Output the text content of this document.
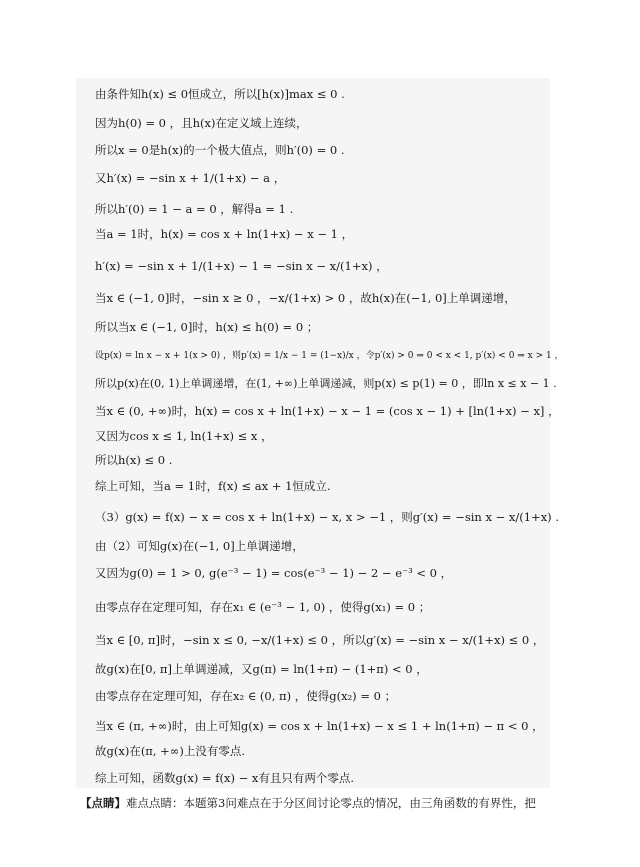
由条件知h(x) ≤ 0恒成立，所以[h(x)]max ≤ 0 .
因为h(0) = 0 ，且h(x)在定义域上连续，
所以x = 0是h(x)的一个极大值点，则h′(0) = 0 .
又h′(x) = −sin x + 1/(1+x) − a ，
所以h′(0) = 1 − a = 0 ，解得a = 1 .
当a = 1时，h(x) = cos x + ln(1+x) − x − 1 ，
h′(x) = −sin x + 1/(1+x) − 1 = −sin x − x/(1+x) ，
当x ∈ (−1, 0]时，−sin x ≥ 0 ，−x/(1+x) > 0 ，故h(x)在(−1, 0]上单调递增，
所以当x ∈ (−1, 0]时，h(x) ≤ h(0) = 0 ；
设p(x) = ln x − x + 1(x > 0) ，则p′(x) = 1/x − 1 = (1−x)/x ，令p′(x) > 0 ⇒ 0 < x < 1, p′(x) < 0 ⇒ x > 1 ，
所以p(x)在(0, 1)上单调递增，在(1, +∞)上单调递减，则p(x) ≤ p(1) = 0 ，即ln x ≤ x − 1 .
当x ∈ (0, +∞)时，h(x) = cos x + ln(1+x) − x − 1 = (cos x − 1) + [ln(1+x) − x] ，
又因为cos x ≤ 1, ln(1+x) ≤ x ，
所以h(x) ≤ 0 .
综上可知，当a = 1时，f(x) ≤ ax + 1恒成立.
（3）g(x) = f(x) − x = cos x + ln(1+x) − x, x > −1 ，则g′(x) = −sin x − x/(1+x) .
由（2）可知g(x)在(−1, 0]上单调递增，
又因为g(0) = 1 > 0, g(e⁻³ − 1) = cos(e⁻³ − 1) − 2 − e⁻³ < 0 ，
由零点存在定理可知，存在x₁ ∈ (e⁻³ − 1, 0) ，使得g(x₁) = 0 ；
当x ∈ [0, π]时，−sin x ≤ 0, −x/(1+x) ≤ 0 ，所以g′(x) = −sin x − x/(1+x) ≤ 0 ，
故g(x)在[0, π]上单调递减，又g(π) = ln(1+π) − (1+π) < 0 ，
由零点存在定理可知，存在x₂ ∈ (0, π) ，使得g(x₂) = 0 ；
当x ∈ (π, +∞)时，由上可知g(x) = cos x + ln(1+x) − x ≤ 1 + ln(1+π) − π < 0 ，
故g(x)在(π, +∞)上没有零点.
综上可知，函数g(x) = f(x) − x有且只有两个零点.
【点睛】难点点睛：本题第3问难点在于分区间讨论零点的情况，由三角函数的有界性，把
